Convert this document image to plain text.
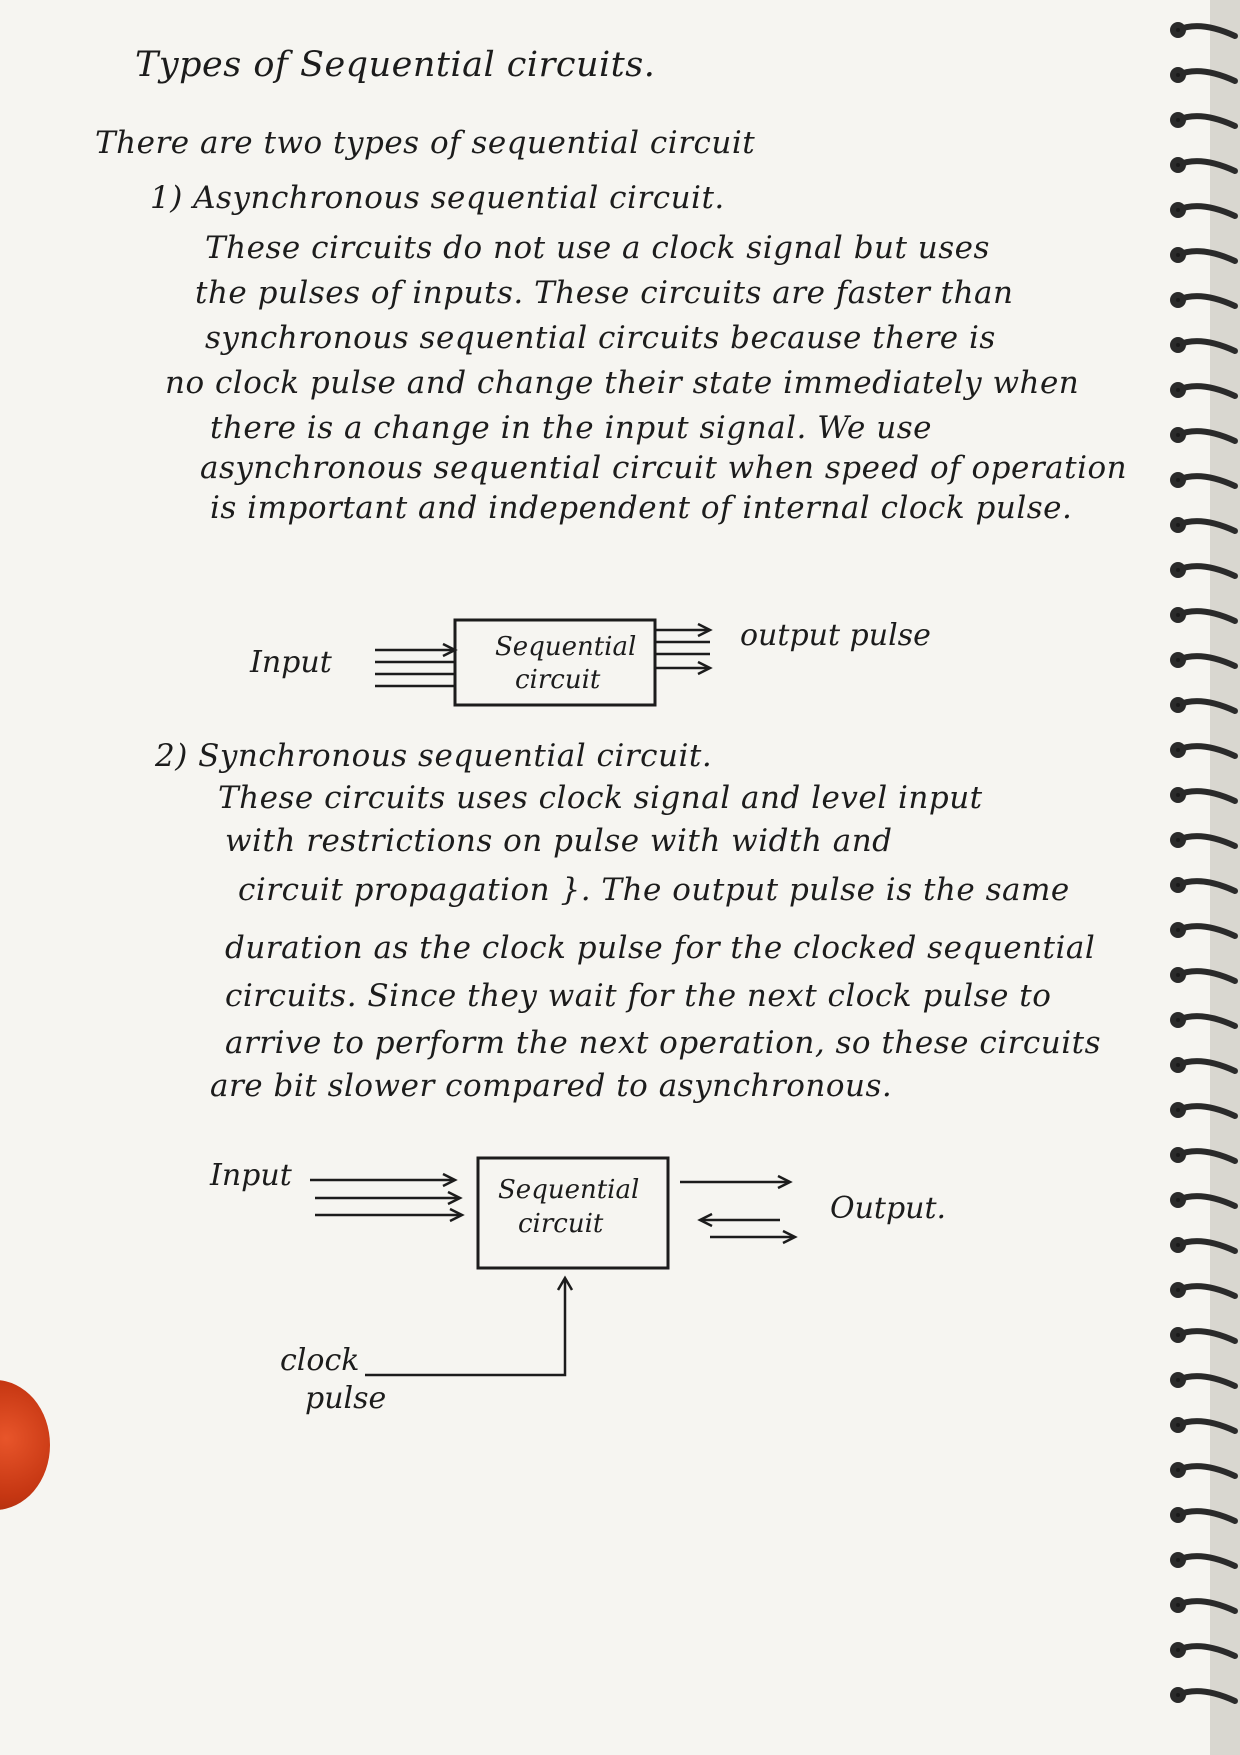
Types of Sequential circuits.
There are two types of sequential circuit
1) Asynchronous sequential circuit.
These circuits do not use a clock signal but uses
the pulses of inputs. These circuits are faster than
synchronous sequential circuits because there is
no clock pulse and change their state immediately when
there is a change in the input signal. We use
asynchronous sequential circuit when speed of operation
is important and independent of internal clock pulse.
Input	Sequential
circuit
output pulse
2) Synchronous sequential circuit.
These circuits uses clock signal and level input
with restrictions on pulse with width and
circuit propagation }. The output pulse is the same
duration as the clock pulse for the clocked sequential
circuits. Since they wait for the next clock pulse to
arrive to perform the next operation, so these circuits
are bit slower compared to asynchronous.
Input	Sequential
circuit	Output.
clock
pulse
